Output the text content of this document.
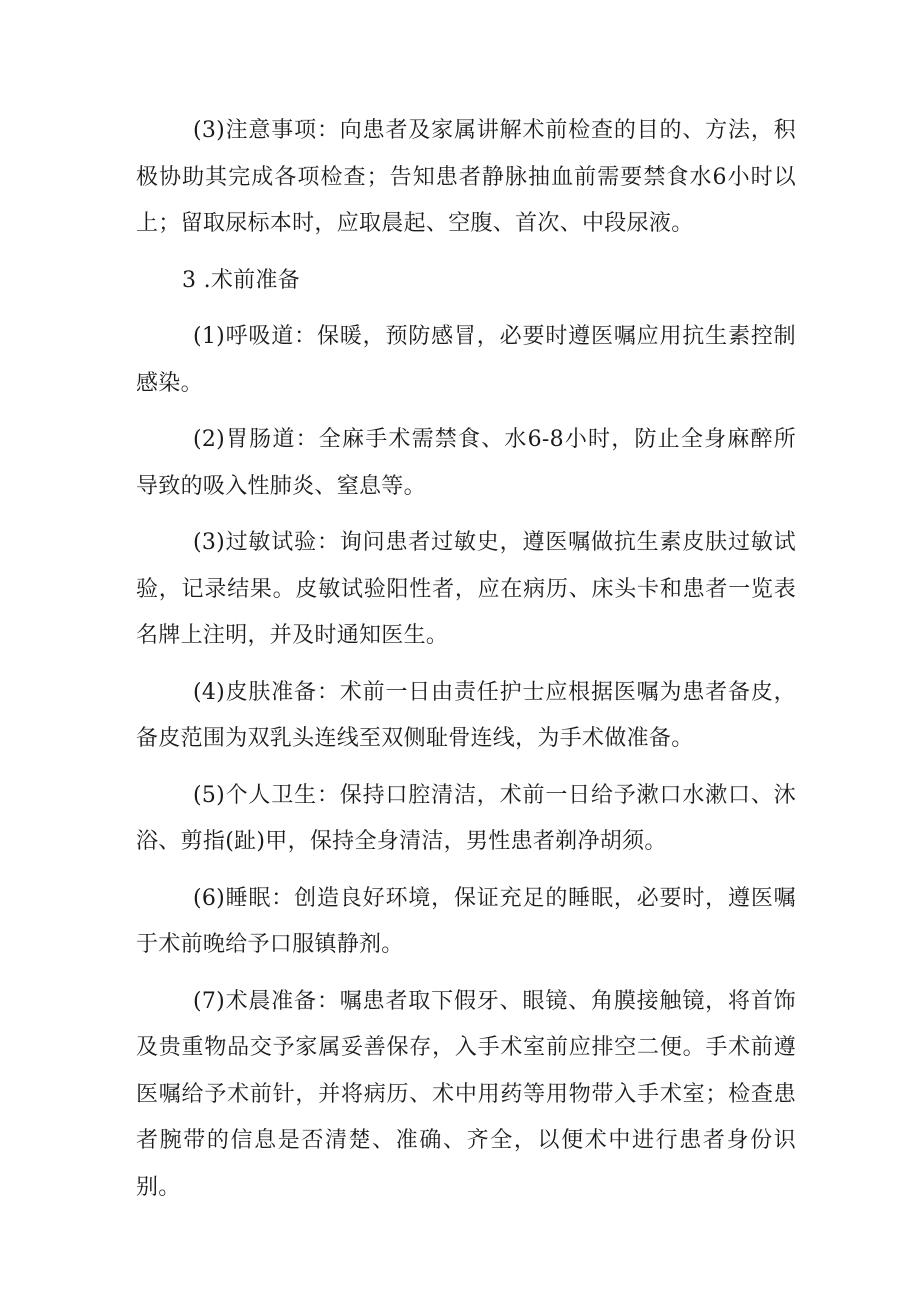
(3)注意事项：向患者及家属讲解术前检查的目的、方法，积极协助其完成各项检查；告知患者静脉抽血前需要禁食水6小时以上；留取尿标本时，应取晨起、空腹、首次、中段尿液。

3 .术前准备

(1)呼吸道：保暖，预防感冒，必要时遵医嘱应用抗生素控制感染。

(2)胃肠道：全麻手术需禁食、水6-8小时，防止全身麻醉所导致的吸入性肺炎、窒息等。

(3)过敏试验：询问患者过敏史，遵医嘱做抗生素皮肤过敏试验，记录结果。皮敏试验阳性者，应在病历、床头卡和患者一览表名牌上注明，并及时通知医生。

(4)皮肤准备：术前一日由责任护士应根据医嘱为患者备皮，备皮范围为双乳头连线至双侧耻骨连线，为手术做准备。

(5)个人卫生：保持口腔清洁，术前一日给予漱口水漱口、沐浴、剪指(趾)甲，保持全身清洁，男性患者剃净胡须。

(6)睡眠：创造良好环境，保证充足的睡眠，必要时，遵医嘱于术前晚给予口服镇静剂。

(7)术晨准备：嘱患者取下假牙、眼镜、角膜接触镜，将首饰及贵重物品交予家属妥善保存，入手术室前应排空二便。手术前遵医嘱给予术前针，并将病历、术中用药等用物带入手术室；检查患者腕带的信息是否清楚、准确、齐全，以便术中进行患者身份识别。
